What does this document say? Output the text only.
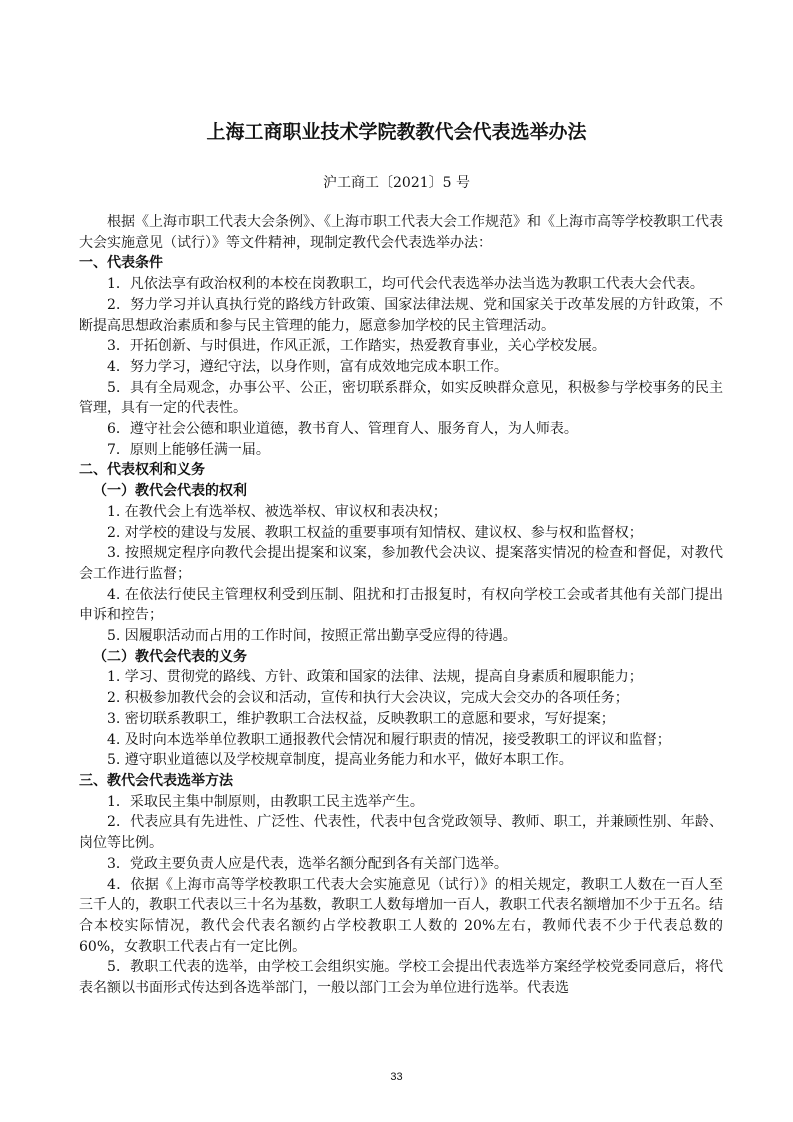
上海工商职业技术学院教教代会代表选举办法
沪工商工〔2021〕5 号

根据《上海市职工代表大会条例》、《上海市职工代表大会工作规范》和《上海市高等学校教职工代表大会实施意见（试行）》等文件精神，现制定教代会代表选举办法：

一、代表条件

1．凡依法享有政治权利的本校在岗教职工，均可代会代表选举办法当选为教职工代表大会代表。

2．努力学习并认真执行党的路线方针政策、国家法律法规、党和国家关于改革发展的方针政策，不断提高思想政治素质和参与民主管理的能力，愿意参加学校的民主管理活动。

3．开拓创新、与时俱进，作风正派，工作踏实，热爱教育事业，关心学校发展。

4．努力学习，遵纪守法，以身作则，富有成效地完成本职工作。

5．具有全局观念，办事公平、公正，密切联系群众，如实反映群众意见，积极参与学校事务的民主管理，具有一定的代表性。

6．遵守社会公德和职业道德，教书育人、管理育人、服务育人，为人师表。

7．原则上能够任满一届。

二、代表权利和义务

（一）教代会代表的权利

1. 在教代会上有选举权、被选举权、审议权和表决权；

2. 对学校的建设与发展、教职工权益的重要事项有知情权、建议权、参与权和监督权；

3. 按照规定程序向教代会提出提案和议案，参加教代会决议、提案落实情况的检查和督促，对教代会工作进行监督；

4. 在依法行使民主管理权利受到压制、阻扰和打击报复时，有权向学校工会或者其他有关部门提出申诉和控告；

5. 因履职活动而占用的工作时间，按照正常出勤享受应得的待遇。

（二）教代会代表的义务

1. 学习、贯彻党的路线、方针、政策和国家的法律、法规，提高自身素质和履职能力；

2. 积极参加教代会的会议和活动，宣传和执行大会决议，完成大会交办的各项任务；

3. 密切联系教职工，维护教职工合法权益，反映教职工的意愿和要求，写好提案；

4. 及时向本选举单位教职工通报教代会情况和履行职责的情况，接受教职工的评议和监督；

5. 遵守职业道德以及学校规章制度，提高业务能力和水平，做好本职工作。

三、教代会代表选举方法

1．采取民主集中制原则，由教职工民主选举产生。

2．代表应具有先进性、广泛性、代表性，代表中包含党政领导、教师、职工，并兼顾性别、年龄、岗位等比例。

3．党政主要负责人应是代表，选举名额分配到各有关部门选举。

4．依据《上海市高等学校教职工代表大会实施意见（试行）》的相关规定，教职工人数在一百人至三千人的，教职工代表以三十名为基数，教职工人数每增加一百人，教职工代表名额增加不少于五名。结合本校实际情况，教代会代表名额约占学校教职工人数的 20%左右，教师代表不少于代表总数的 60%，女教职工代表占有一定比例。

5．教职工代表的选举，由学校工会组织实施。学校工会提出代表选举方案经学校党委同意后，将代表名额以书面形式传达到各选举部门，一般以部门工会为单位进行选举。代表选

33
